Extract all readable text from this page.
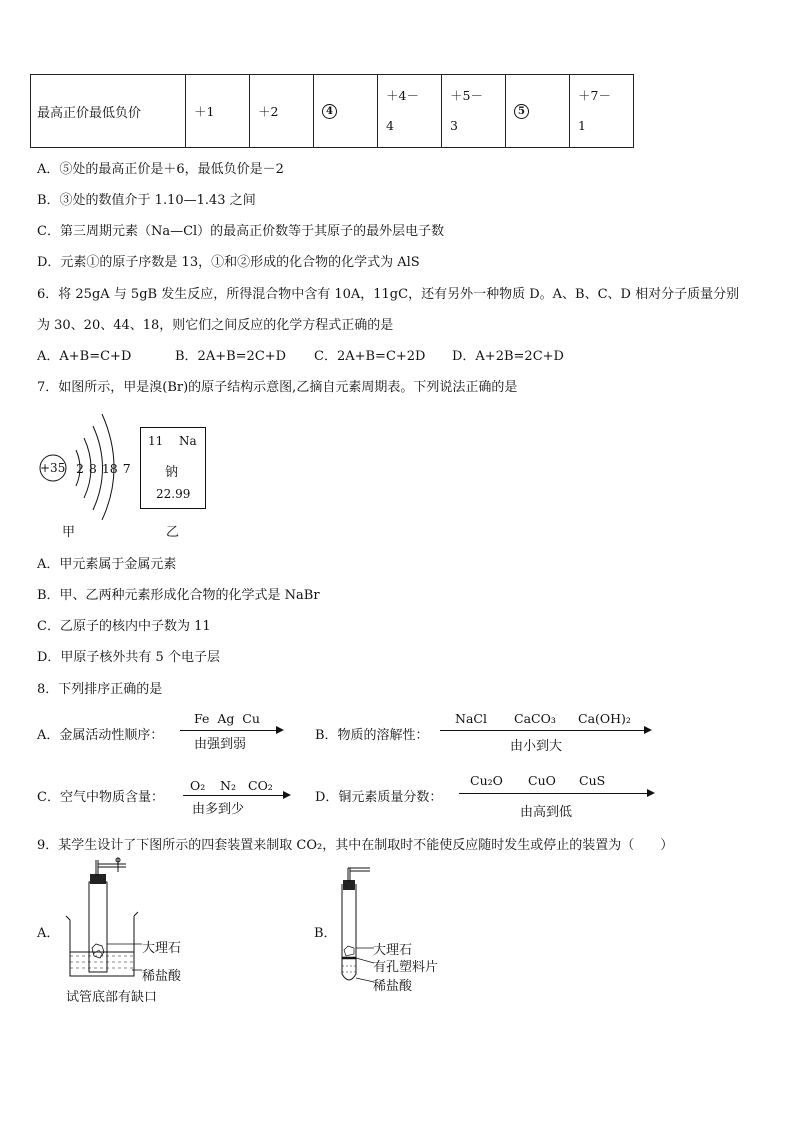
最高正价最低负价	＋1	＋2	4	＋4－4	＋5－3	5	＋7－1
A．⑤处的最高正价是＋6，最低负价是－2
B．③处的数值介于 1.10—1.43 之间
C．第三周期元素（Na—Cl）的最高正价数等于其原子的最外层电子数
D．元素①的原子序数是 13，①和②形成的化合物的化学式为 AlS
6．将 25gA 与 5gB 发生反应，所得混合物中含有 10A，11gC，还有另外一种物质 D。A、B、C、D 相对分子质量分别
为 30、20、44、18，则它们之间反应的化学方程式正确的是
A．A+B=C+D	B．2A+B=2C+D C．2A+B=C+2D D．A+2B=2C+D
7．如图所示，甲是溴(Br)的原子结构示意图,乙摘自元素周期表。下列说法正确的是
+35 2 8 18 7
甲
11 Na
钠
22.99
乙
A．甲元素属于金属元素
B．甲、乙两种元素形成化合物的化学式是 NaBr
C．乙原子的核内中子数为 11
D．甲原子核外共有 5 个电子层
8．下列排序正确的是
A．金属活动性顺序：
Fe  Ag  Cu
由强到弱
B．物质的溶解性：
NaCl CaCO₃ Ca(OH)₂
由小到大
C．空气中物质含量：
O₂ N₂ CO₂
由多到少
D．铜元素质量分数：
Cu₂O CuO CuS
由高到低
9．某学生设计了下图所示的四套装置来制取 CO₂，其中在制取时不能使反应随时发生或停止的装置为（　　）
A．
大理石
稀盐酸
试管底部有缺口
B．
大理石
有孔塑料片
稀盐酸
